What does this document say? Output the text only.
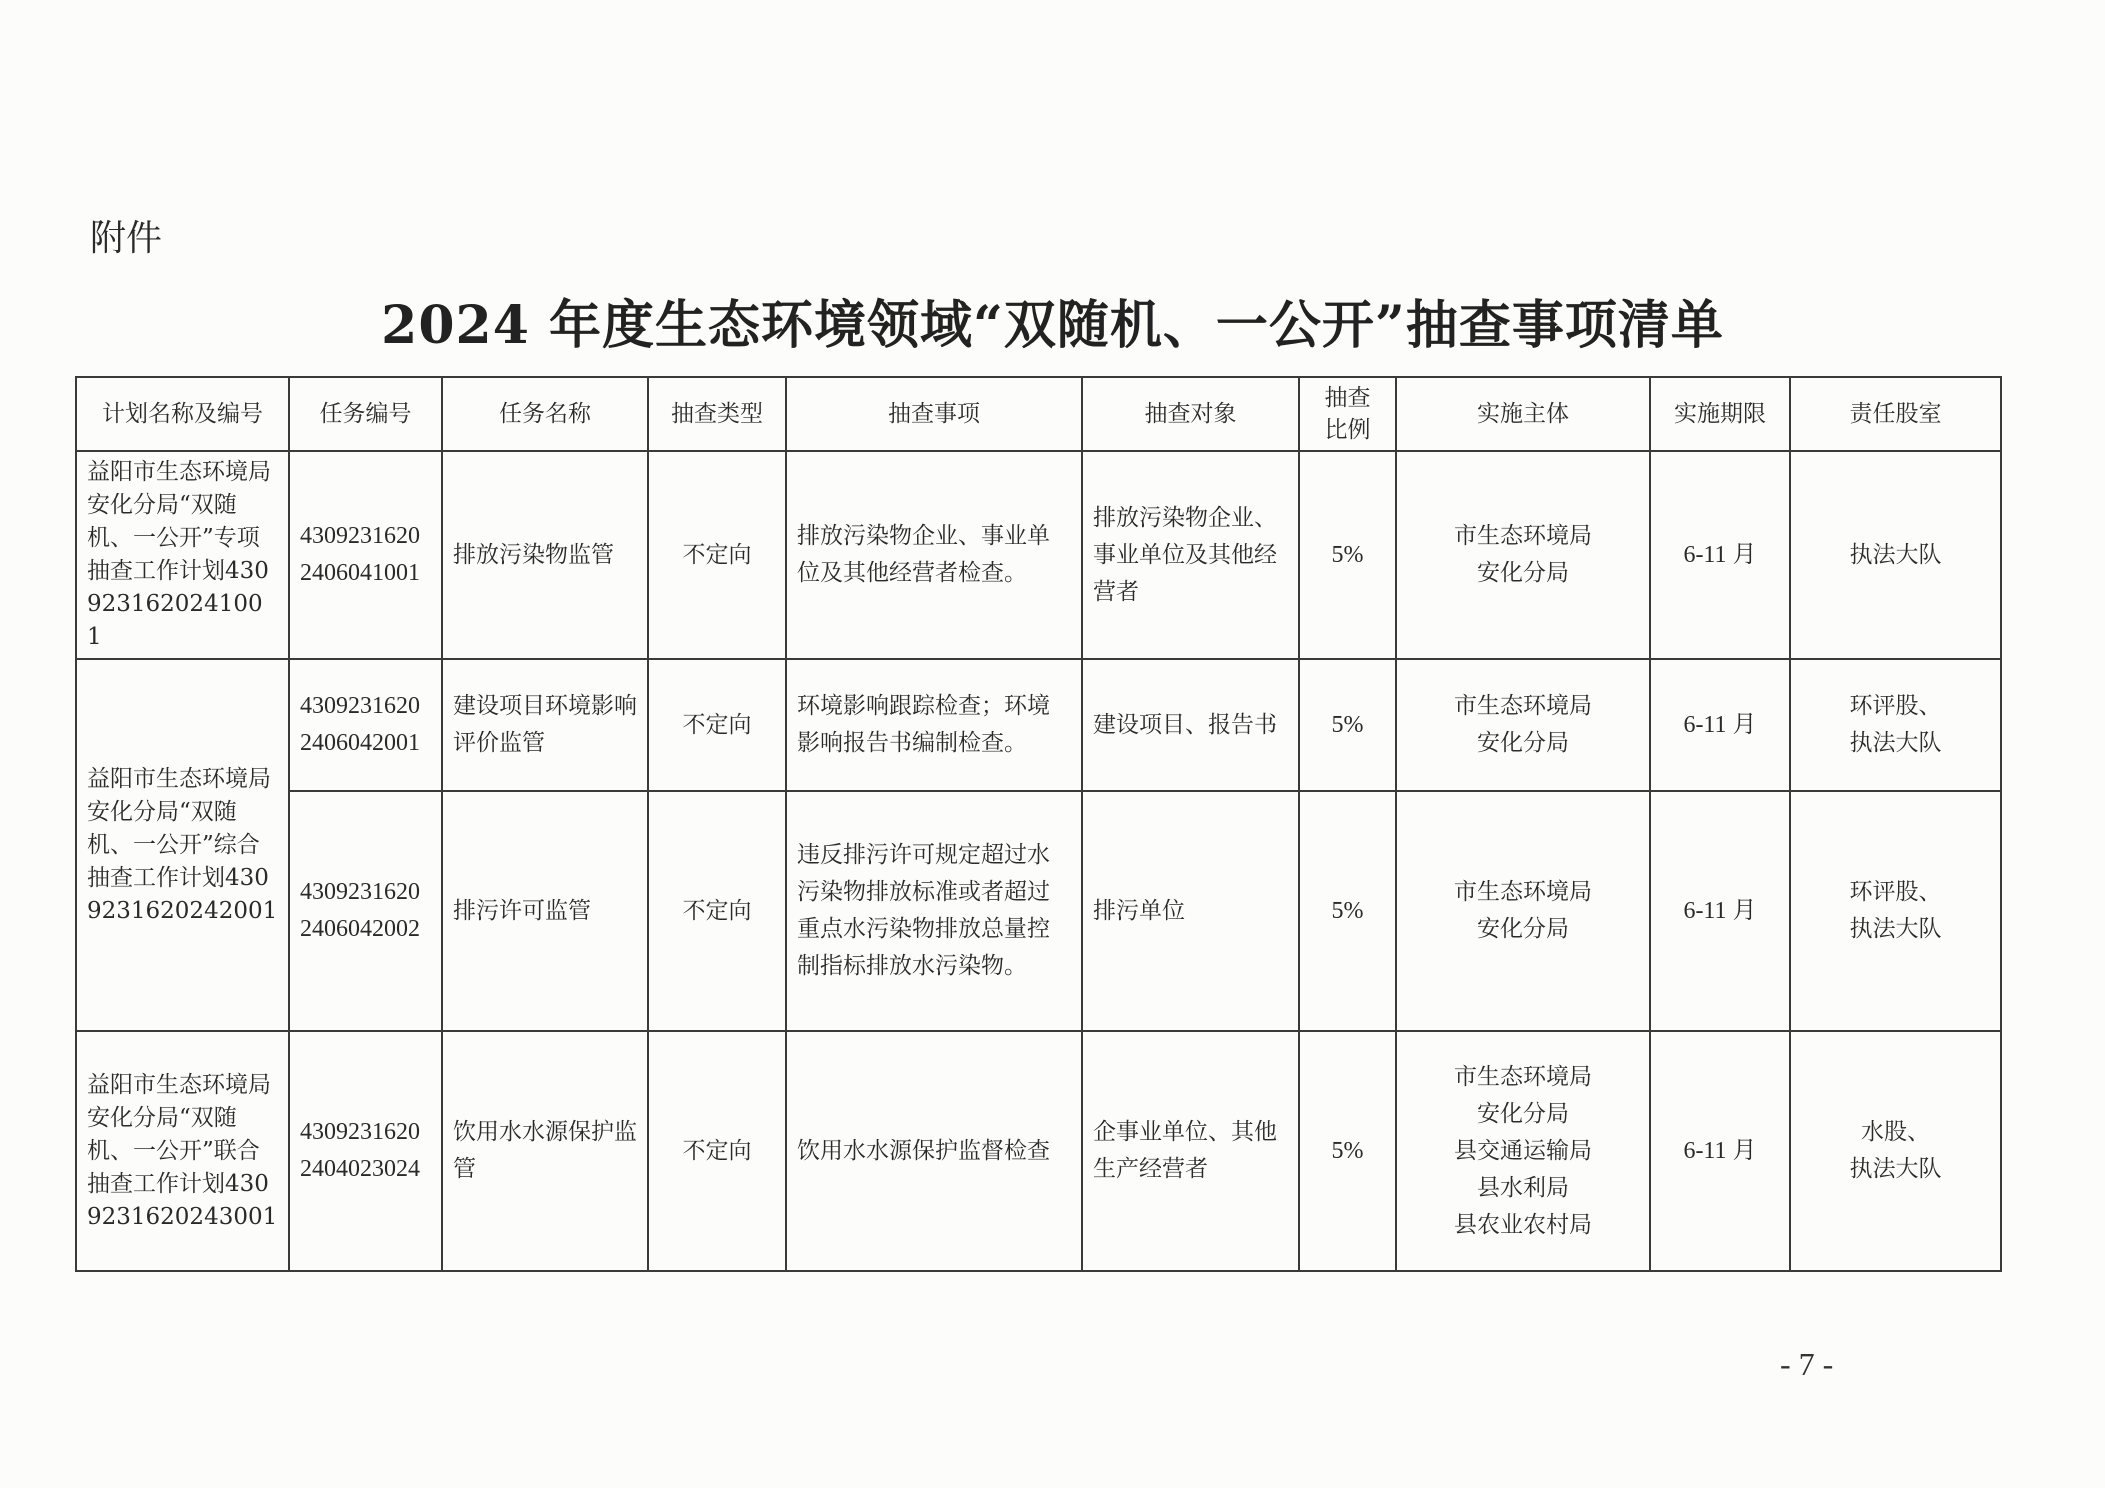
附件
2024 年度生态环境领域“双随机、一公开”抽查事项清单
计划名称及编号	任务编号	任务名称	抽查类型	抽查事项	抽查对象	抽查比例	实施主体	实施期限	责任股室
益阳市生态环境局安化分局“双随机、一公开”专项抽查工作计划430923162024100 1	43092316202406041001	排放污染物监管	不定向	排放污染物企业、事业单位及其他经营者检查。	排放污染物企业、事业单位及其他经营者	5%	市生态环境局
安化分局	6-11 月	执法大队

益阳市生态环境局安化分局“双随机、一公开”综合抽查工作计划4309231620242001	43092316202406042001	建设项目环境影响评价监管	不定向	环境影响跟踪检查；环境影响报告书编制检查。	建设项目、报告书	5%	市生态环境局
安化分局	6-11 月	环评股、
执法大队

	43092316202406042002	排污许可监管	不定向	违反排污许可规定超过水污染物排放标准或者超过重点水污染物排放总量控制指标排放水污染物。	排污单位	5%	市生态环境局
安化分局	6-11 月	环评股、
执法大队

益阳市生态环境局安化分局“双随机、一公开”联合抽查工作计划4309231620243001	43092316202404023024	饮用水水源保护监管	不定向	饮用水水源保护监督检查	企事业单位、其他生产经营者	5%	市生态环境局
安化分局
县交通运输局
县水利局
县农业农村局	6-11 月	水股、
执法大队
- 7 -
